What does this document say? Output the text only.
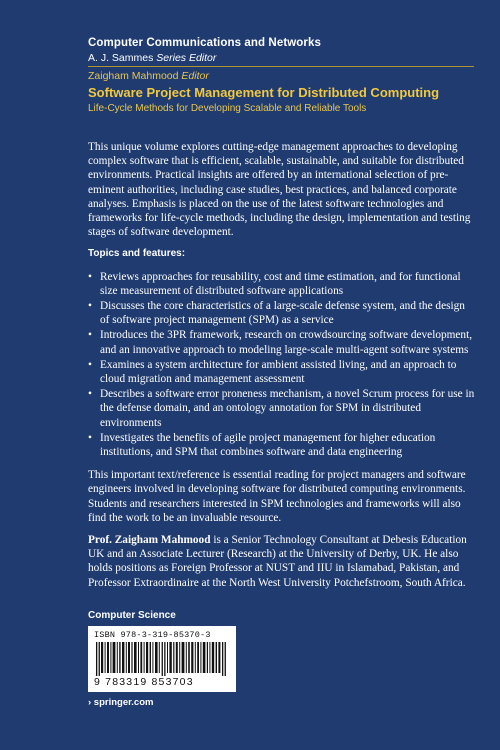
Computer Communications and Networks
A. J. Sammes Series Editor
Zaigham Mahmood Editor
Software Project Management for Distributed Computing
Life-Cycle Methods for Developing Scalable and Reliable Tools

This unique volume explores cutting-edge management approaches to developing complex software that is efficient, scalable, sustainable, and suitable for distributed environments. Practical insights are offered by an international selection of pre-eminent authorities, including case studies, best practices, and balanced corporate analyses. Emphasis is placed on the use of the latest software technologies and frameworks for life-cycle methods, including the design, implementation and testing stages of software development.

Topics and features:

• Reviews approaches for reusability, cost and time estimation, and for functional size measurement of distributed software applications
• Discusses the core characteristics of a large-scale defense system, and the design of software project management (SPM) as a service
• Introduces the 3PR framework, research on crowdsourcing software development, and an innovative approach to modeling large-scale multi-agent software systems
• Examines a system architecture for ambient assisted living, and an approach to cloud migration and management assessment
• Describes a software error proneness mechanism, a novel Scrum process for use in the defense domain, and an ontology annotation for SPM in distributed environments
• Investigates the benefits of agile project management for higher education institutions, and SPM that combines software and data engineering

This important text/reference is essential reading for project managers and software engineers involved in developing software for distributed computing environments. Students and researchers interested in SPM technologies and frameworks will also find the work to be an invaluable resource.

Prof. Zaigham Mahmood is a Senior Technology Consultant at Debesis Education UK and an Associate Lecturer (Research) at the University of Derby, UK. He also holds positions as Foreign Professor at NUST and IIU in Islamabad, Pakistan, and Professor Extraordinaire at the North West University Potchefstroom, South Africa.

Computer Science
ISBN 978-3-319-85370-3
9 783319 853703
› springer.com
